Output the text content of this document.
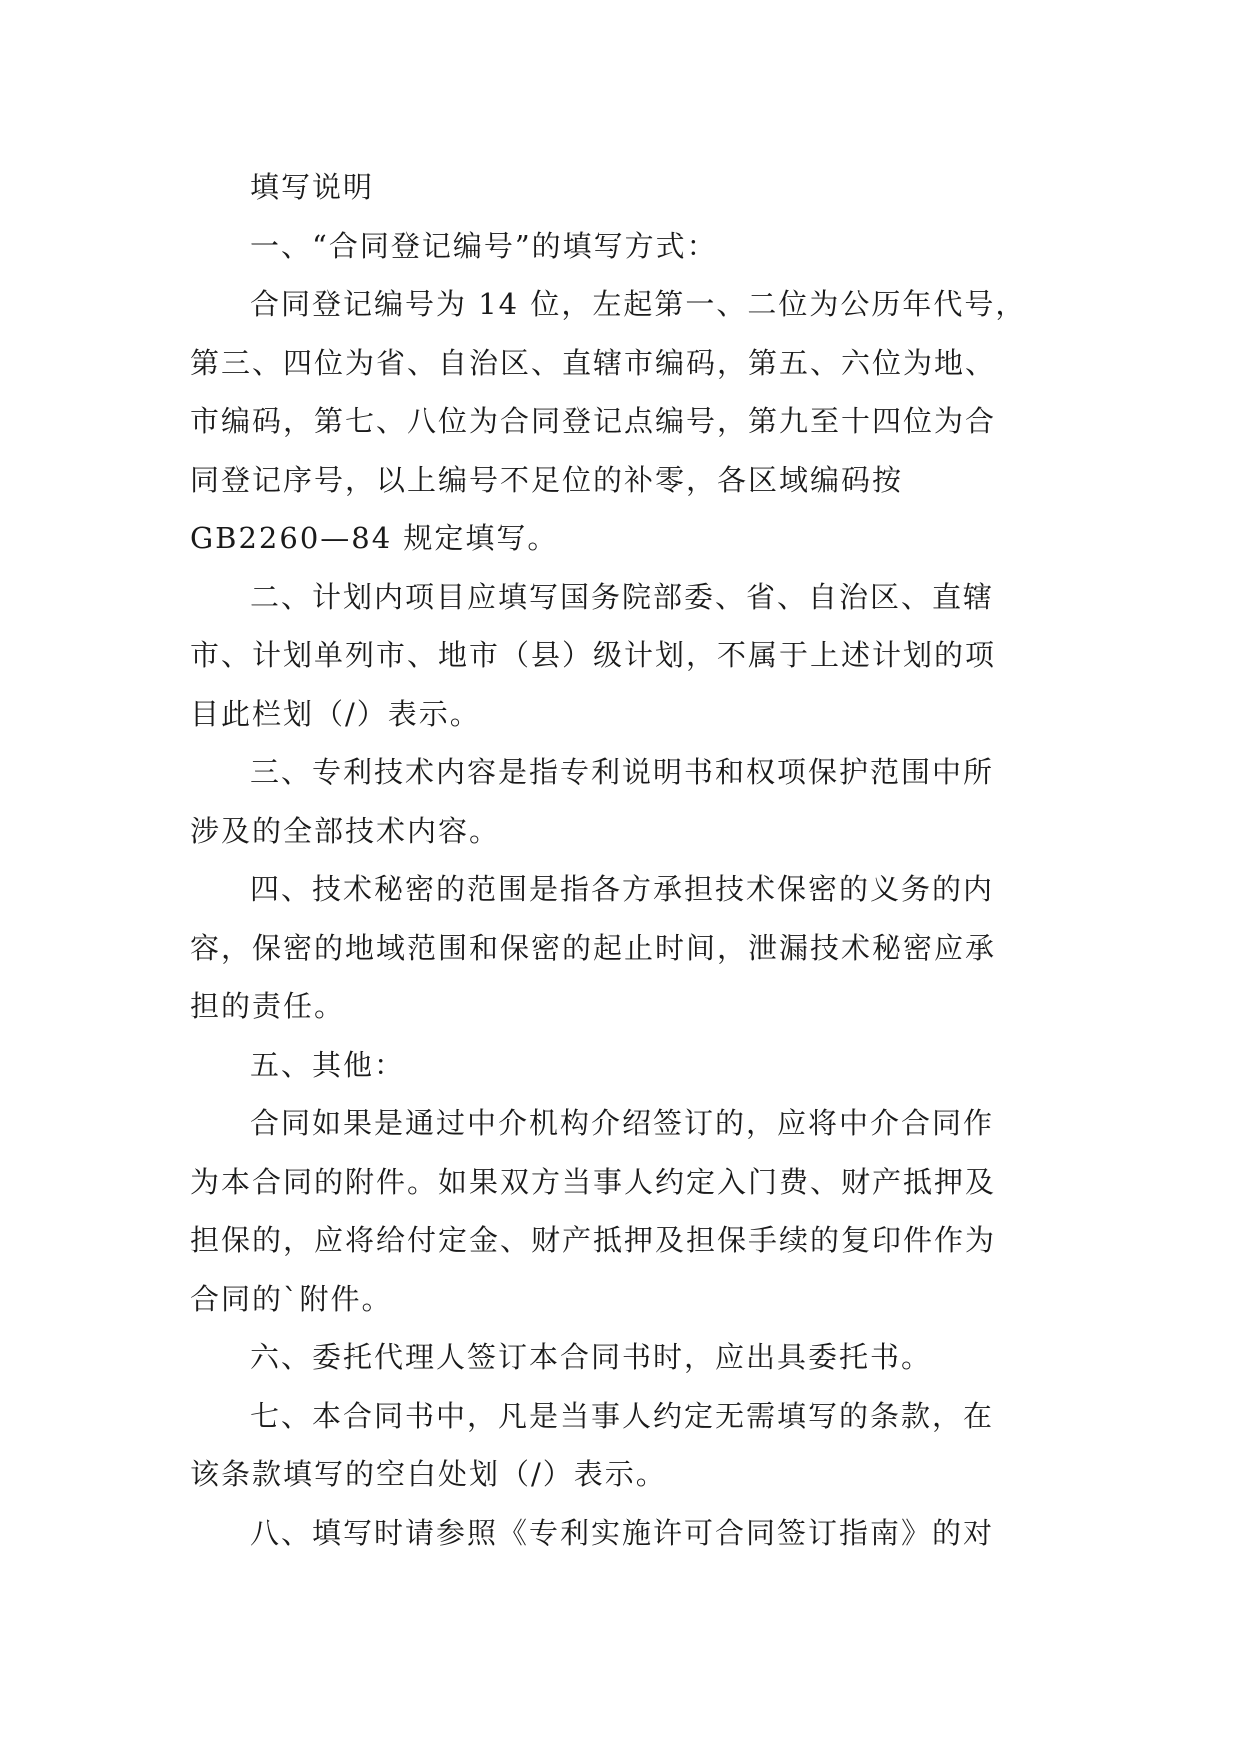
填写说明

一、“合同登记编号”的填写方式：

合同登记编号为 14 位，左起第一、二位为公历年代号，
第三、四位为省、自治区、直辖市编码，第五、六位为地、
市编码，第七、八位为合同登记点编号，第九至十四位为合
同登记序号，以上编号不足位的补零，各区域编码按
GB2260—84 规定填写。

二、计划内项目应填写国务院部委、省、自治区、直辖
市、计划单列市、地市（县）级计划，不属于上述计划的项
目此栏划（/）表示。

三、专利技术内容是指专利说明书和权项保护范围中所
涉及的全部技术内容。

四、技术秘密的范围是指各方承担技术保密的义务的内
容，保密的地域范围和保密的起止时间，泄漏技术秘密应承
担的责任。

五、其他：

合同如果是通过中介机构介绍签订的，应将中介合同作
为本合同的附件。如果双方当事人约定入门费、财产抵押及
担保的，应将给付定金、财产抵押及担保手续的复印件作为
合同的`附件。

六、委托代理人签订本合同书时，应出具委托书。

七、本合同书中，凡是当事人约定无需填写的条款，在
该条款填写的空白处划（/）表示。

八、填写时请参照《专利实施许可合同签订指南》的对
